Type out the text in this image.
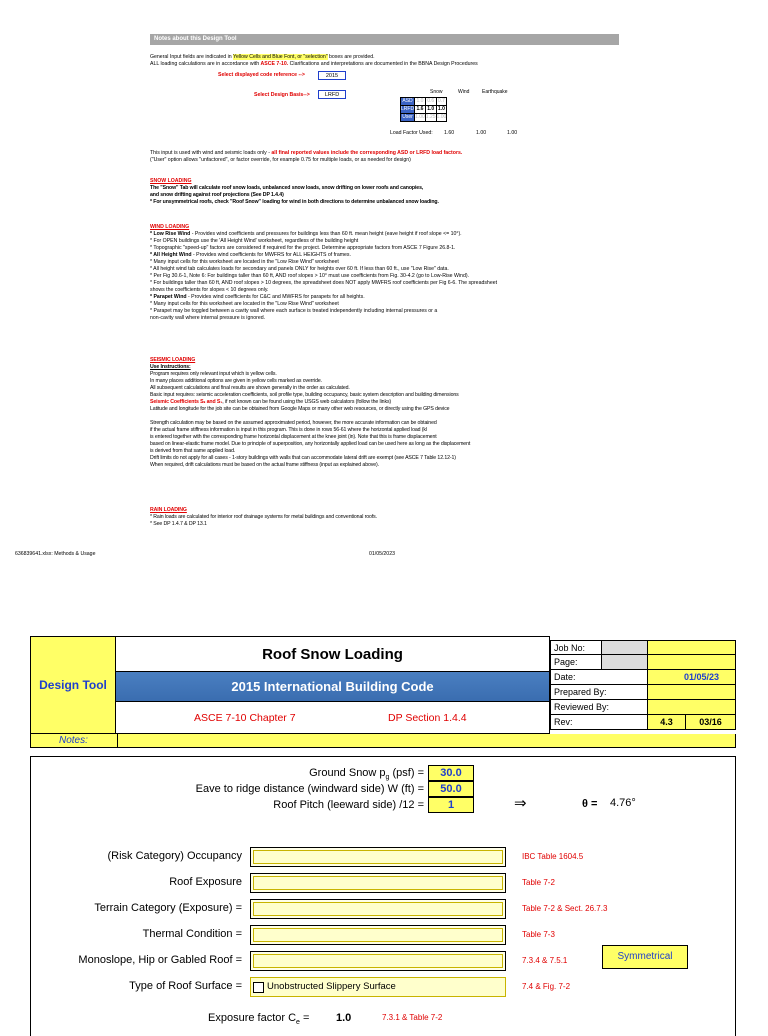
Notes about this Design Tool
General Input fields are indicated in Yellow Cells and Blue Font, or "selection" boxes are provided.
ALL loading calculations are in accordance with ASCE 7-10. Clarifications and interpretations are documented in the BBNA Design Procedures
Select displayed code reference -->	2015
Select Design Basis-->	LRFD	Snow	Wind	Earthquake
ASD	1.0	0.6	0.7
LRFD	1.6	1.0	1.0
User	1.00	1.25	1.00
Load Factor Used: 1.60	1.00	1.00
This input is used with wind and seismic loads only - all final reported values include the corresponding ASD or LRFD load factors.
("User" option allows "unfactored", or factor override, for example 0.75 for multiple loads, or as needed for design)
SNOW LOADING
The "Snow" Tab will calculate roof snow loads, unbalanced snow loads, snow drifting on lower roofs and canopies,
and snow drifting against roof projections (See DP 1.4.4)
* For unsymmetrical roofs, check "Roof Snow" loading for wind in both directions to determine unbalanced snow loading.
WIND LOADING
* Low Rise Wind - Provides wind coefficients and pressures for buildings less than 60 ft. mean height (eave height if roof slope <= 10°).
* For OPEN buildings use the 'All Height Wind' worksheet, regardless of the building height
* Topographic "speed-up" factors are considered if required for the project. Determine appropriate factors from ASCE 7 Figure 26.8-1.
* All Height Wind - Provides wind coefficients for MWFRS for ALL HEIGHTS of frames.
* Many input cells for this worksheet are located in the "Low Rise Wind" worksheet
* All height wind tab calculates loads for secondary and panels ONLY for heights over 60 ft. If less than 60 ft., use "Low Rise" data.
* Per Fig 30.6-1, Note 6: For buildings taller than 60 ft, AND roof slopes > 10° must use coefficients from Fig. 30-4.2 (go to Low-Rise Wind).
* For buildings taller than 60 ft, AND roof slopes > 10 degrees, the spreadsheet does NOT apply MWFRS roof coefficients per Fig 6-6. The spreadsheet
shows the coefficients for slopes < 10 degrees only.
* Parapet Wind - Provides wind coefficients for C&C and MWFRS for parapets for all heights.
* Many input cells for this worksheet are located in the "Low Rise Wind" worksheet
* Parapet may be toggled between a cavity wall where each surface is treated independently including internal pressures or a
non-cavity wall where internal pressure is ignored.
SEISMIC LOADING
Use Instructions:
Program requires only relevant input which is yellow cells.
In many places additional options are given in yellow cells marked as override.
All subsequent calculations and final results are shown generally in the order as calculated.
Basic input requires: seismic acceleration coefficients, soil profile type, building occupancy, basic system description and building dimensions
Seismic Coefficients Sₛ and S₁, if not known can be found using the USGS web calculators (follow the links)
Latitude and longitude for the job site can be obtained from Google Maps or many other web resources, or directly using the GPS device
Strength calculation may be based on the assumed approximated period, however, the more accurate information can be obtained
if the actual frame stiffness information is input in this program. This is done in rows 56-61 where the horizontal applied load (kl
is entered together with the corresponding frame horizontal displacement at the knee joint (in). Note that this is frame displacement
based on linear-elastic frame model. Due to principle of superposition, any horizontally applied load can be used here as long as the displacement
is derived from that same applied load.
Drift limits do not apply for all cases - 1-story buildings with walls that can accommodate lateral drift are exempt (see ASCE 7 Table 12.12-1)
When required, drift calculations must be based on the actual frame stiffness (input as explained above).
RAIN LOADING
* Rain loads are calculated for interior roof drainage systems for metal buildings and conventional roofs.
* See DP 1.4.7 & DP 13.1
636839641.xlsx: Methods & Usage	01/05/2023
Design Tool
Roof Snow Loading
2015 International Building Code
ASCE 7-10 Chapter 7	DP Section 1.4.4
Job No:
Page:
Date:	01/05/23
Prepared By:
Reviewed By:
Rev:	4.3	03/16
Notes:
Ground Snow $p_g$ (psf) =	30.0
Eave to ridge distance (windward side) W (ft) =	50.0
Roof Pitch (leeward side) /12 =	1	⇒	θ = 4.76°
(Risk Category) Occupancy	IBC Table 1604.5
Roof Exposure	Table 7-2
Terrain Category (Exposure) =	Table 7-2 & Sect. 26.7.3
Thermal Condition =	Table 7-3
Monoslope, Hip or Gabled Roof =	7.3.4 & 7.5.1	Symmetrical
Type of Roof Surface =	Unobstructed Slippery Surface	7.4 & Fig. 7-2
Exposure factor $C_e = 1.0$	7.3.1 & Table 7-2
